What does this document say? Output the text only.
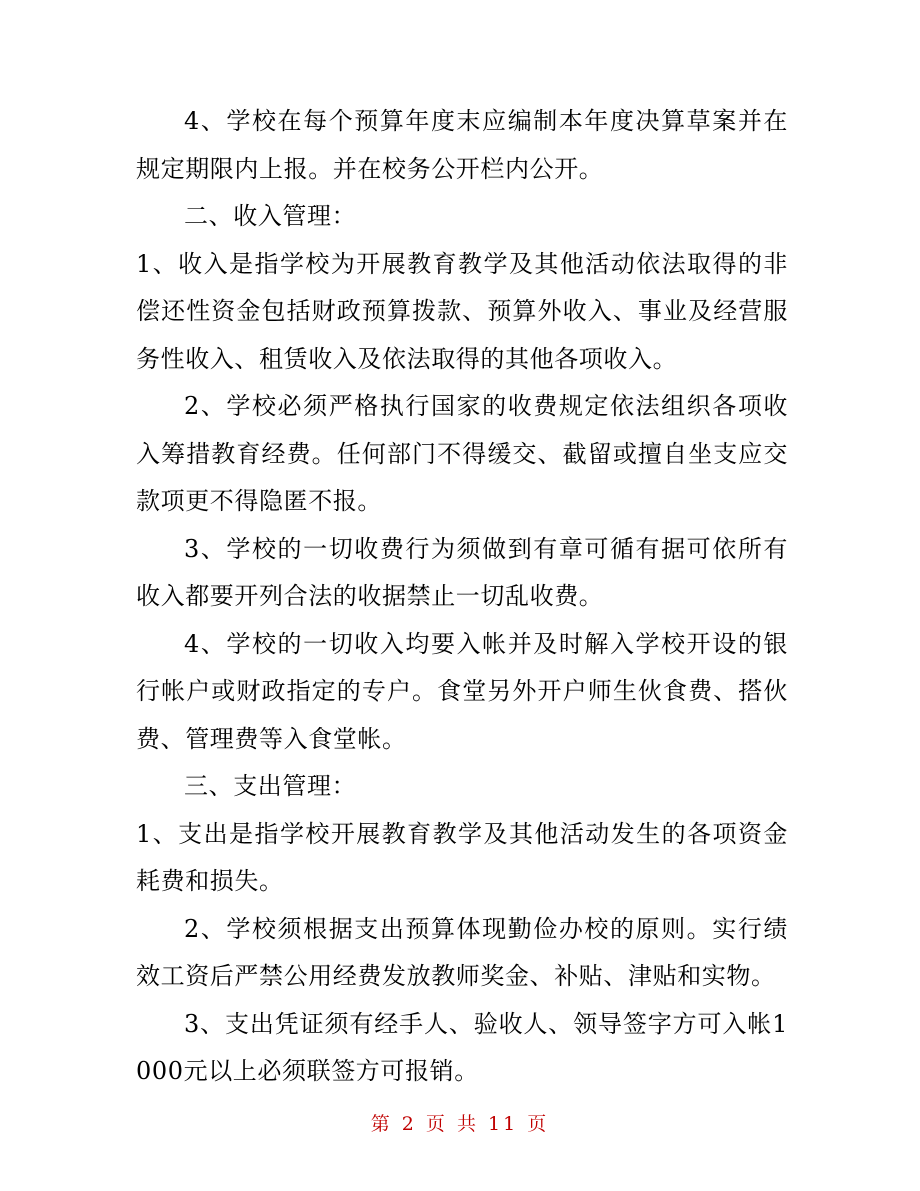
4、学校在每个预算年度末应编制本年度决算草案并在规定期限内上报。并在校务公开栏内公开。

二、收入管理：

1、收入是指学校为开展教育教学及其他活动依法取得的非偿还性资金包括财政预算拨款、预算外收入、事业及经营服务性收入、租赁收入及依法取得的其他各项收入。

2、学校必须严格执行国家的收费规定依法组织各项收入筹措教育经费。任何部门不得缓交、截留或擅自坐支应交款项更不得隐匿不报。

3、学校的一切收费行为须做到有章可循有据可依所有收入都要开列合法的收据禁止一切乱收费。

4、学校的一切收入均要入帐并及时解入学校开设的银行帐户或财政指定的专户。食堂另外开户师生伙食费、搭伙费、管理费等入食堂帐。

三、支出管理：

1、支出是指学校开展教育教学及其他活动发生的各项资金耗费和损失。

2、学校须根据支出预算体现勤俭办校的原则。实行绩效工资后严禁公用经费发放教师奖金、补贴、津贴和实物。

3、支出凭证须有经手人、验收人、领导签字方可入帐1000元以上必须联签方可报销。

第 2 页 共 11 页
